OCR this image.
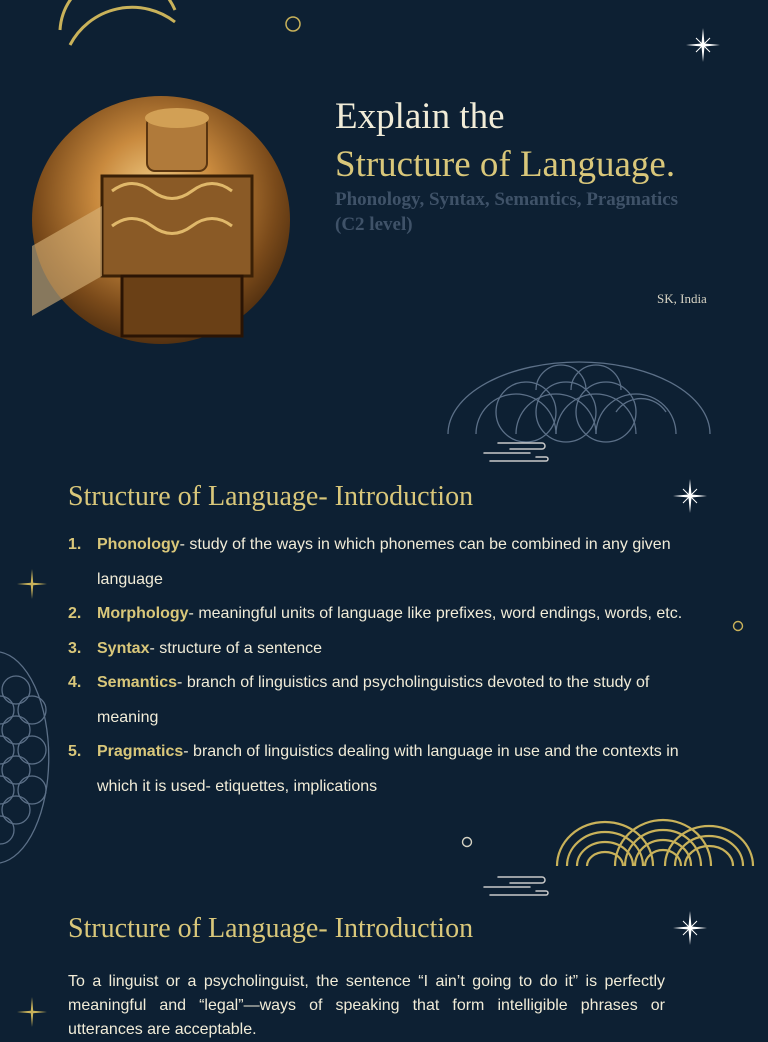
Explain the
Structure of Language.
Phonology, Syntax, Semantics, Pragmatics
(C2 level)
SK, India
Structure of Language- Introduction
1. Phonology- study of the ways in which phonemes can be combined in any given language
2. Morphology- meaningful units of language like prefixes, word endings, words, etc.
3. Syntax- structure of a sentence
4. Semantics- branch of linguistics and psycholinguistics devoted to the study of meaning
5. Pragmatics- branch of linguistics dealing with language in use and the contexts in which it is used- etiquettes, implications
Structure of Language- Introduction

To a linguist or a psycholinguist, the sentence “I ain’t going to do it” is perfectly meaningful and “legal”—ways of speaking that form intelligible phrases or utterances are acceptable.
